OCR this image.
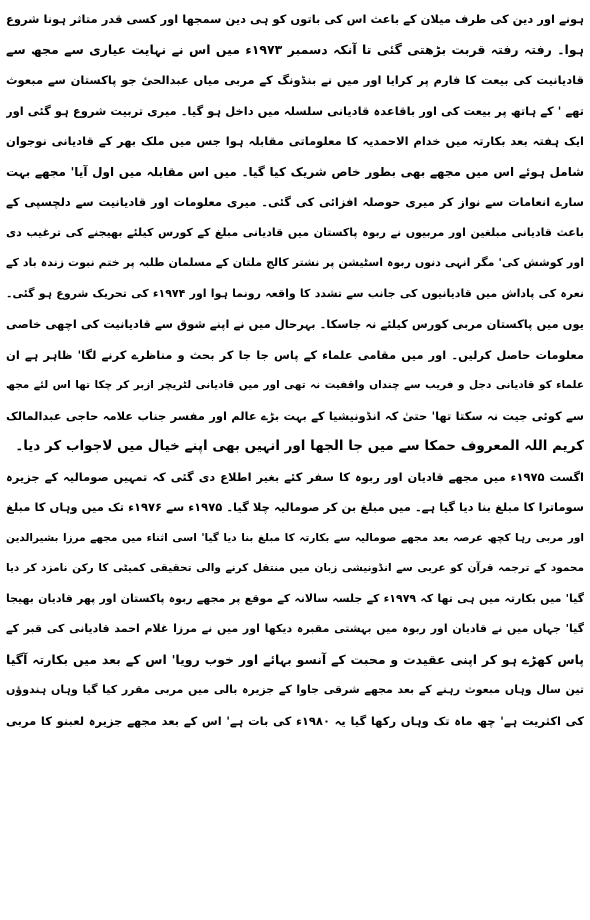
ہونے اور دین کی طرف میلان کے باعث اس کی باتوں کو ہی دین سمجھا اور کسی قدر متاثر ہونا شروع
ہوا۔ رفتہ رفتہ قربت بڑھتی گئی تا آنکہ دسمبر ۱۹۷۳ء میں اس نے نہایت عیاری سے مجھ سے
قادیانیت کی بیعت کا فارم پر کرایا اور میں نے بنڈونگ کے مربی میاں عبدالحیٔ جو پاکستان سے مبعوث
تھے ' کے ہاتھ پر بیعت کی اور باقاعدہ قادیانی سلسلہ میں داخل ہو گیا۔ میری تربیت شروع ہو گئی اور
ایک ہفتہ بعد بکارتہ میں خدام الاحمدیہ کا معلوماتی مقابلہ ہوا جس میں ملک بھر کے قادیانی نوجوان
شامل ہوئے اس میں مجھے بھی بطور خاص شریک کیا گیا۔ میں اس مقابلہ میں اول آیا' مجھے بہت
سارے انعامات سے نواز کر میری حوصلہ افزائی کی گئی۔ میری معلومات اور قادیانیت سے دلچسپی کے
باعث قادیانی مبلغین اور مربیوں نے ربوہ پاکستان میں قادیانی مبلغ کے کورس کیلئے بھیجنے کی ترغیب دی
اور کوشش کی' مگر انہی دنوں ربوہ اسٹیشن پر نشتر کالج ملتان کے مسلمان طلبہ پر ختم نبوت زندہ باد کے
نعرہ کی پاداش میں قادیانیوں کی جانب سے تشدد کا واقعہ رونما ہوا اور ۱۹۷۴ء کی تحریک شروع ہو گئی۔
یوں میں پاکستان مربی کورس کیلئے نہ جاسکا۔ بہرحال میں نے اپنے شوق سے قادیانیت کی اچھی خاصی
معلومات حاصل کرلیں۔ اور میں مقامی علماء کے پاس جا جا کر بحث و مناظرے کرنے لگا' ظاہر ہے ان
علماء کو قادیانی دجل و فریب سے چنداں واقفیت نہ تھی اور میں قادیانی لٹریچر ازبر کر چکا تھا اس لئے مجھ
سے کوئی جیت نہ سکتا تھا' حتیٰ کہ انڈونیشیا کے بہت بڑے عالم اور مفسر جناب علامہ حاجی عبدالمالک
کریم اللہ المعروف حمکا سے میں جا الجھا اور انہیں بھی اپنے خیال میں لاجواب کر دیا۔
اگست ۱۹۷۵ء میں مجھے قادیان اور ربوہ کا سفر کئے بغیر اطلاع دی گئی کہ تمہیں صومالیہ کے جزیرہ
سوماترا کا مبلغ بنا دیا گیا ہے۔ میں مبلغ بن کر صومالیہ چلا گیا۔ ۱۹۷۵ء سے ۱۹۷۶ء تک میں وہاں کا مبلغ
اور مربی رہا کچھ عرصہ بعد مجھے صومالیہ سے بکارتہ کا مبلغ بنا دیا گیا' اسی اثناء میں مجھے مرزا بشیرالدین
محمود کے ترجمہ قرآن کو عربی سے انڈونیشی زبان میں منتقل کرنے والی تحقیقی کمیٹی کا رکن نامزد کر دیا
گیا' میں بکارتہ میں ہی تھا کہ ۱۹۷۹ء کے جلسہ سالانہ کے موقع پر مجھے ربوہ پاکستان اور پھر قادیان بھیجا
گیا' جہاں میں نے قادیان اور ربوہ میں بہشتی مقبرہ دیکھا اور میں نے مرزا غلام احمد قادیانی کی قبر کے
پاس کھڑے ہو کر اپنی عقیدت و محبت کے آنسو بہائے اور خوب رویا' اس کے بعد میں بکارتہ آگیا
تین سال وہاں مبعوث رہنے کے بعد مجھے شرقی جاوا کے جزیرہ بالی میں مربی مقرر کیا گیا وہاں ہندوؤں
کی اکثریت ہے' چھ ماہ تک وہاں رکھا گیا یہ ۱۹۸۰ء کی بات ہے' اس کے بعد مجھے جزیرہ لعبنو کا مربی
